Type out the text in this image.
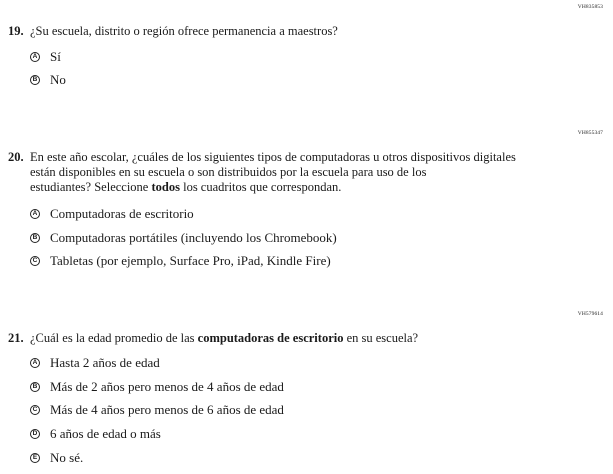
VH835853
19. ¿Su escuela, distrito o región ofrece permanencia a maestros?
A Sí
B No
VH855347
20. En este año escolar, ¿cuáles de los siguientes tipos de computadoras u otros dispositivos digitales
están disponibles en su escuela o son distribuidos por la escuela para uso de los
estudiantes? Seleccione todos los cuadritos que correspondan.
A Computadoras de escritorio
B Computadoras portátiles (incluyendo los Chromebook)
C Tabletas (por ejemplo, Surface Pro, iPad, Kindle Fire)
VH579614
21. ¿Cuál es la edad promedio de las computadoras de escritorio en su escuela?
A Hasta 2 años de edad
B Más de 2 años pero menos de 4 años de edad
C Más de 4 años pero menos de 6 años de edad
D 6 años de edad o más
E No sé.
